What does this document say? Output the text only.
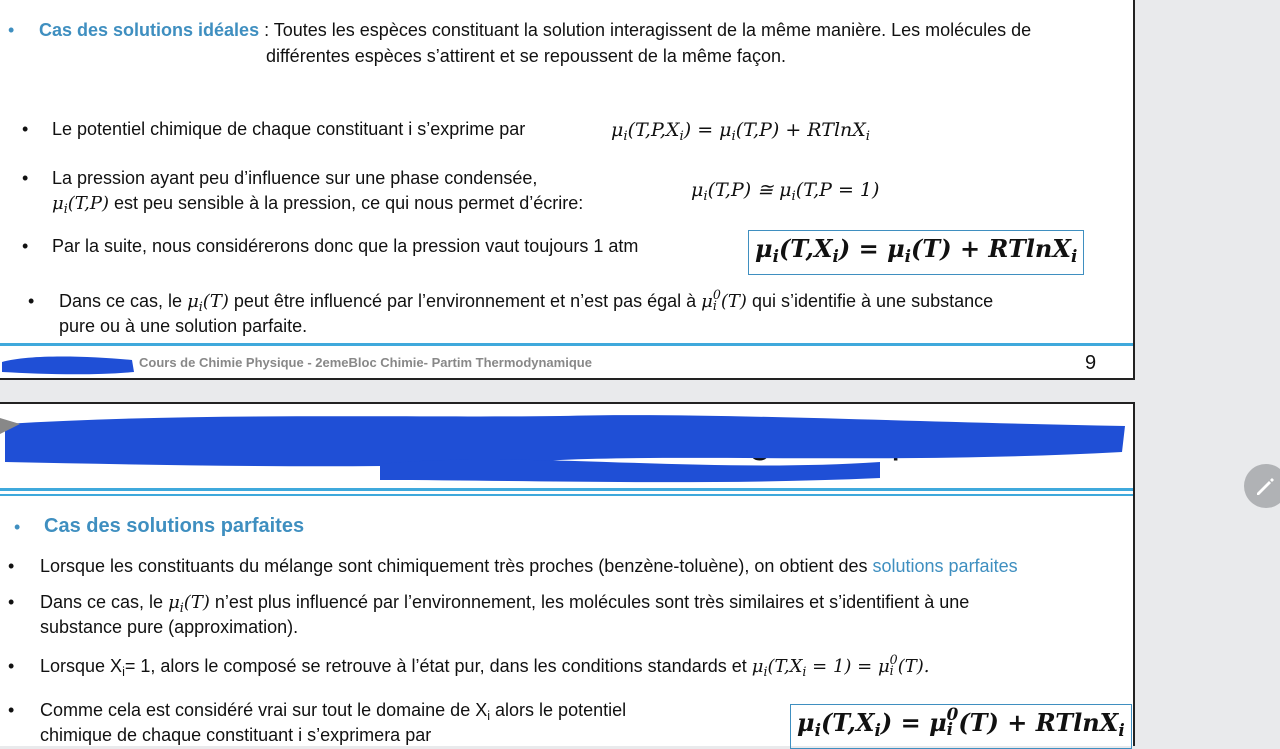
• Cas des solutions idéales : Toutes les espèces constituant la solution interagissent de la même manière. Les molécules de
différentes espèces s’attirent et se repoussent de la même façon.
• Le potentiel chimique de chaque constituant i s’exprime par	$\mu_i(T,P,X_i) = \mu_i(T,P) + RTlnX_i$
• La pression ayant peu d’influence sur une phase condensée,
$\mu_i(T,P)$ est peu sensible à la pression, ce qui nous permet d’écrire:
$\mu_i(T,P)$ ≅ $\mu_i(T,P = 1)$
• Par la suite, nous considérerons donc que la pression vaut toujours 1 atm	$\mu_i(T,X_i) = \mu_i(T) + RTlnX_i$
• Dans ce cas, le $\mu_i(T)$ peut être influencé par l’environnement et n’est pas égal à μ 0
i (T) qui s’identifie à une substance
pure ou à une solution parfaite.
Cours de Chimie Physique - 2emeBloc Chimie- Partim Thermodynamique	9
• Cas des solutions parfaites
• Lorsque les constituants du mélange sont chimiquement très proches (benzène-toluène), on obtient des solutions parfaites
• Dans ce cas, le $\mu_i(T)$ n’est plus influencé par l’environnement, les molécules sont très similaires et s’identifient à une
substance pure (approximation).
• Lorsque $X_i= 1$, alors le composé se retrouve à l’état pur, dans les conditions standards et $\mu_i(T,X_i = 1) = \mu$ 0
i (T).
• Comme cela est considéré vrai sur tout le domaine de $X_i$ alors le potentiel
chimique de chaque constituant i s’exprimera par	$\mu_i(T,X_i) = \mu$ 0
i (T) + RTlnX$_i$
